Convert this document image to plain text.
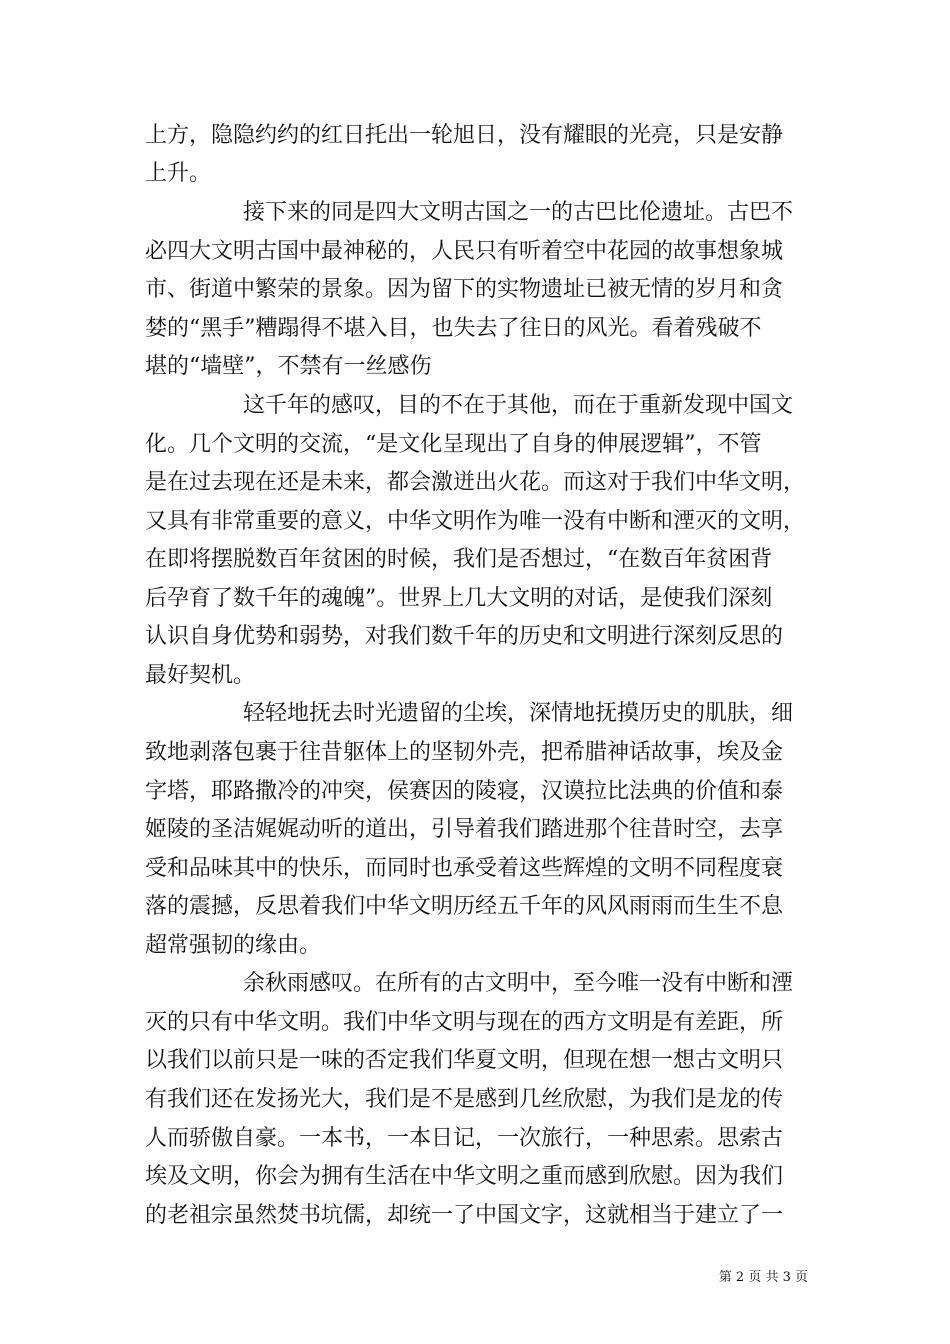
上方，隐隐约约的红日托出一轮旭日，没有耀眼的光亮，只是安静
上升。
接下来的同是四大文明古国之一的古巴比伦遗址。古巴不
必四大文明古国中最神秘的，人民只有听着空中花园的故事想象城
市、街道中繁荣的景象。因为留下的实物遗址已被无情的岁月和贪
婪的“黑手”糟蹋得不堪入目，也失去了往日的风光。看着残破不
堪的“墙壁”，不禁有一丝感伤
这千年的感叹，目的不在于其他，而在于重新发现中国文
化。几个文明的交流，“是文化呈现出了自身的伸展逻辑”，不管
是在过去现在还是未来，都会激迸出火花。而这对于我们中华文明，
又具有非常重要的意义，中华文明作为唯一没有中断和湮灭的文明，
在即将摆脱数百年贫困的时候，我们是否想过，“在数百年贫困背
后孕育了数千年的魂魄”。世界上几大文明的对话，是使我们深刻
认识自身优势和弱势，对我们数千年的历史和文明进行深刻反思的
最好契机。
轻轻地抚去时光遗留的尘埃，深情地抚摸历史的肌肤，细
致地剥落包裹于往昔躯体上的坚韧外壳，把希腊神话故事，埃及金
字塔，耶路撒冷的冲突，侯赛因的陵寝，汉谟拉比法典的价值和泰
姬陵的圣洁娓娓动听的道出，引导着我们踏进那个往昔时空，去享
受和品味其中的快乐，而同时也承受着这些辉煌的文明不同程度衰
落的震撼，反思着我们中华文明历经五千年的风风雨雨而生生不息
超常强韧的缘由。
余秋雨感叹。在所有的古文明中，至今唯一没有中断和湮
灭的只有中华文明。我们中华文明与现在的西方文明是有差距，所
以我们以前只是一味的否定我们华夏文明，但现在想一想古文明只
有我们还在发扬光大，我们是不是感到几丝欣慰，为我们是龙的传
人而骄傲自豪。一本书，一本日记，一次旅行，一种思索。思索古
埃及文明，你会为拥有生活在中华文明之重而感到欣慰。因为我们
的老祖宗虽然焚书坑儒，却统一了中国文字，这就相当于建立了一
第 2 页 共 3 页
